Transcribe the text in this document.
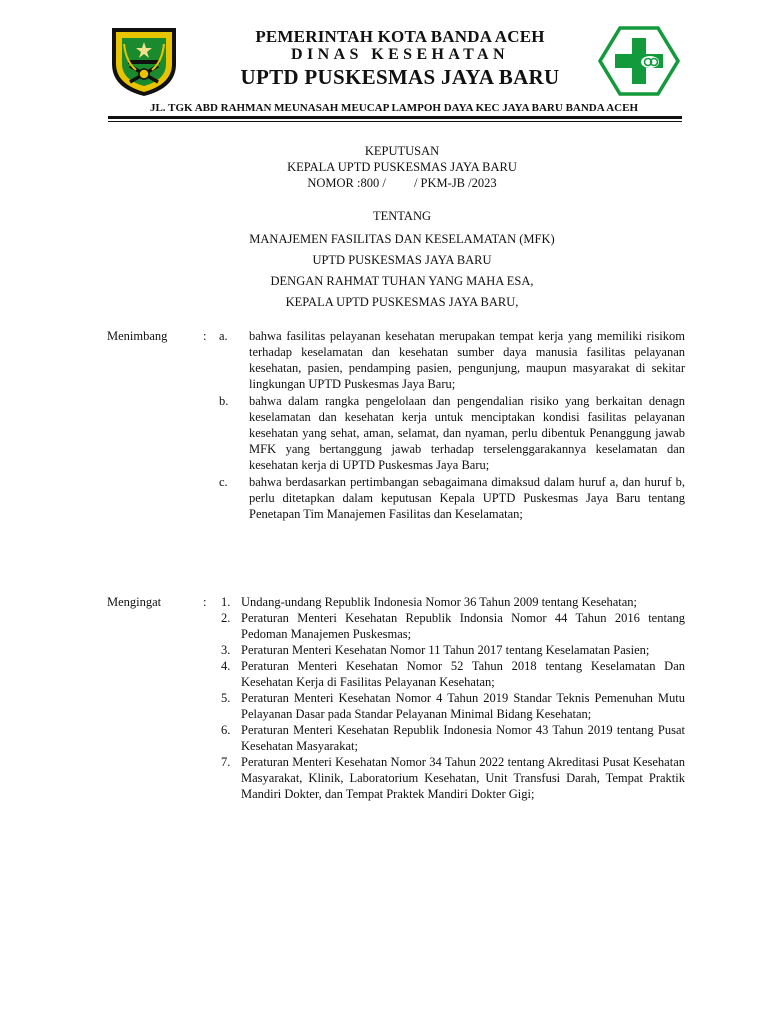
PEMERINTAH KOTA BANDA ACEH
DINAS KESEHATAN
UPTD PUSKESMAS JAYA BARU
JL. TGK ABD RAHMAN MEUNASAH MEUCAP LAMPOH DAYA KEC JAYA BARU BANDA ACEH
KEPUTUSAN
KEPALA UPTD PUSKESMAS JAYA BARU
NOMOR :800 /         / PKM-JB /2023
TENTANG
MANAJEMEN FASILITAS DAN KESELAMATAN (MFK)
UPTD PUSKESMAS JAYA BARU
DENGAN RAHMAT TUHAN YANG MAHA ESA,
KEPALA UPTD PUSKESMAS JAYA BARU,
Menimbang	:	a. bahwa fasilitas pelayanan kesehatan merupakan tempat kerja yang memiliki risikom terhadap keselamatan dan kesehatan sumber daya manusia fasilitas pelayanan kesehatan, pasien, pendamping pasien, pengunjung, maupun masyarakat di sekitar lingkungan UPTD Puskesmas Jaya Baru;
b. bahwa dalam rangka pengelolaan dan pengendalian risiko yang berkaitan denagn keselamatan dan kesehatan kerja untuk menciptakan kondisi fasilitas pelayanan kesehatan yang sehat, aman, selamat, dan nyaman, perlu dibentuk Penanggung jawab MFK yang bertanggung jawab terhadap terselenggarakannya keselamatan dan kesehatan kerja di UPTD Puskesmas Jaya Baru;
c. bahwa berdasarkan pertimbangan sebagaimana dimaksud dalam huruf a, dan huruf b, perlu ditetapkan dalam keputusan Kepala UPTD Puskesmas Jaya Baru tentang Penetapan Tim Manajemen Fasilitas dan Keselamatan;
Mengingat	:	1. Undang-undang Republik Indonesia Nomor 36 Tahun 2009 tentang Kesehatan;
2. Peraturan Menteri Kesehatan Republik Indonsia Nomor 44 Tahun 2016 tentang Pedoman Manajemen Puskesmas;
3. Peraturan Menteri Kesehatan Nomor 11 Tahun 2017 tentang Keselamatan Pasien;
4. Peraturan Menteri Kesehatan Nomor 52 Tahun 2018 tentang Keselamatan Dan Kesehatan Kerja di Fasilitas Pelayanan Kesehatan;
5. Peraturan Menteri Kesehatan Nomor 4 Tahun 2019 Standar Teknis Pemenuhan Mutu Pelayanan Dasar pada Standar Pelayanan Minimal Bidang Kesehatan;
6. Peraturan Menteri Kesehatan Republik Indonesia Nomor 43 Tahun 2019 tentang Pusat Kesehatan Masyarakat;
7. Peraturan Menteri Kesehatan Nomor 34 Tahun 2022 tentang Akreditasi Pusat Kesehatan Masyarakat, Klinik, Laboratorium Kesehatan, Unit Transfusi Darah, Tempat Praktik Mandiri Dokter, dan Tempat Praktek Mandiri Dokter Gigi;
